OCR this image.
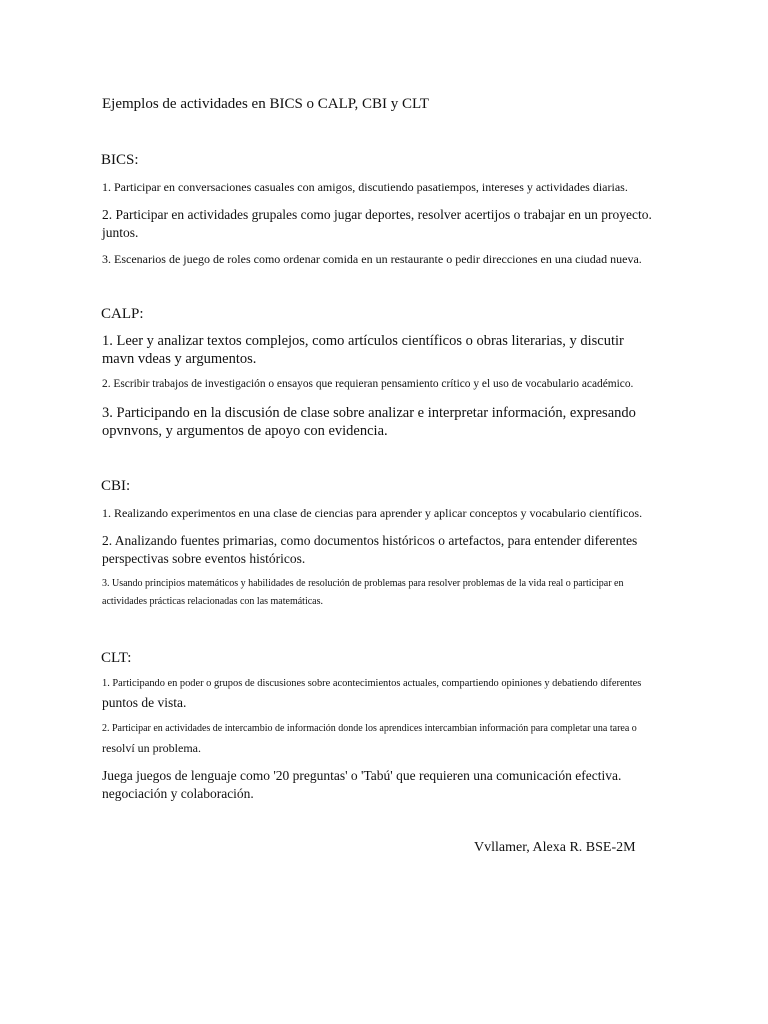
Ejemplos de actividades en BICS o CALP, CBI y CLT

BICS:

1. Participar en conversaciones casuales con amigos, discutiendo pasatiempos, intereses y actividades diarias.

2. Participar en actividades grupales como jugar deportes, resolver acertijos o trabajar en un proyecto.

juntos.

3. Escenarios de juego de roles como ordenar comida en un restaurante o pedir direcciones en una ciudad nueva.

CALP:

1. Leer y analizar textos complejos, como artículos científicos o obras literarias, y discutir

mavn vdeas y argumentos.

2. Escribir trabajos de investigación o ensayos que requieran pensamiento crítico y el uso de vocabulario académico.

3. Participando en la discusión de clase sobre analizar e interpretar información, expresando

opvnvons, y argumentos de apoyo con evidencia.

CBI:

1. Realizando experimentos en una clase de ciencias para aprender y aplicar conceptos y vocabulario científicos.

2. Analizando fuentes primarias, como documentos históricos o artefactos, para entender diferentes

perspectivas sobre eventos históricos.

3. Usando principios matemáticos y habilidades de resolución de problemas para resolver problemas de la vida real o participar en

actividades prácticas relacionadas con las matemáticas.

CLT:

1. Participando en poder o grupos de discusiones sobre acontecimientos actuales, compartiendo opiniones y debatiendo diferentes

puntos de vista.

2. Participar en actividades de intercambio de información donde los aprendices intercambian información para completar una tarea o

resolví un problema.

Juega juegos de lenguaje como '20 preguntas' o 'Tabú' que requieren una comunicación efectiva.

negociación y colaboración.

Vvllamer, Alexa R. BSE-2M
